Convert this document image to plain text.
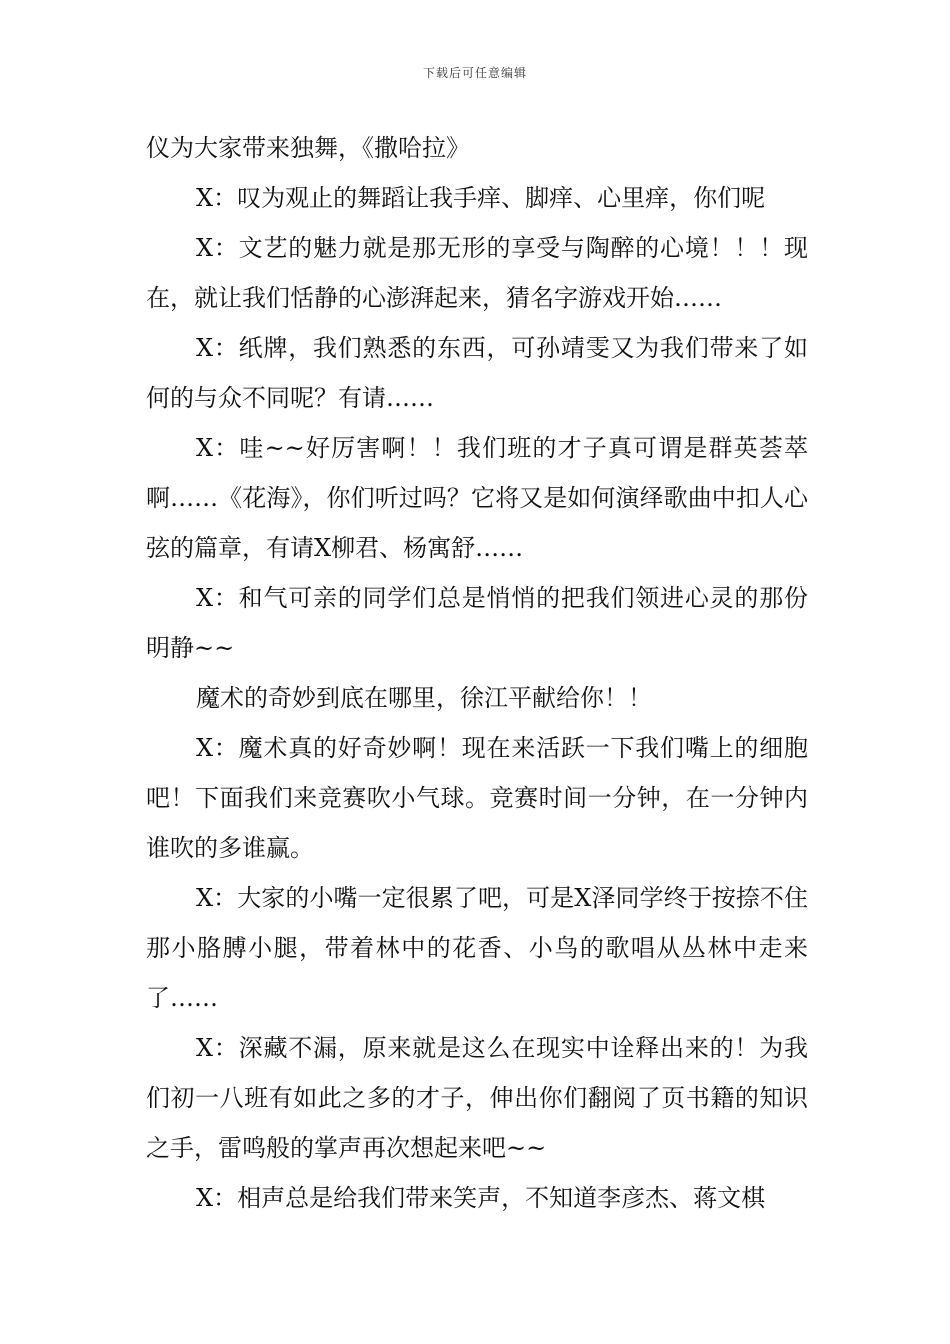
下载后可任意编辑

仪为大家带来独舞，《撒哈拉》

X：叹为观止的舞蹈让我手痒、脚痒、心里痒，你们呢

X：文艺的魅力就是那无形的享受与陶醉的心境！！！现在，就让我们恬静的心澎湃起来，猜名字游戏开始……

X：纸牌，我们熟悉的东西，可孙靖雯又为我们带来了如何的与众不同呢？有请……

X：哇~~好厉害啊！！我们班的才子真可谓是群英荟萃啊……《花海》，你们听过吗？它将又是如何演绎歌曲中扣人心弦的篇章，有请X柳君、杨寓舒……

X：和气可亲的同学们总是悄悄的把我们领进心灵的那份明静~~

魔术的奇妙到底在哪里，徐江平献给你！！

X：魔术真的好奇妙啊！现在来活跃一下我们嘴上的细胞吧！下面我们来竞赛吹小气球。竞赛时间一分钟，在一分钟内谁吹的多谁赢。

X：大家的小嘴一定很累了吧，可是X泽同学终于按捺不住那小胳膊小腿，带着林中的花香、小鸟的歌唱从丛林中走来了……

X：深藏不漏，原来就是这么在现实中诠释出来的！为我们初一八班有如此之多的才子，伸出你们翻阅了页书籍的知识之手，雷鸣般的掌声再次想起来吧~~

X：相声总是给我们带来笑声，不知道李彦杰、蒋文棋
